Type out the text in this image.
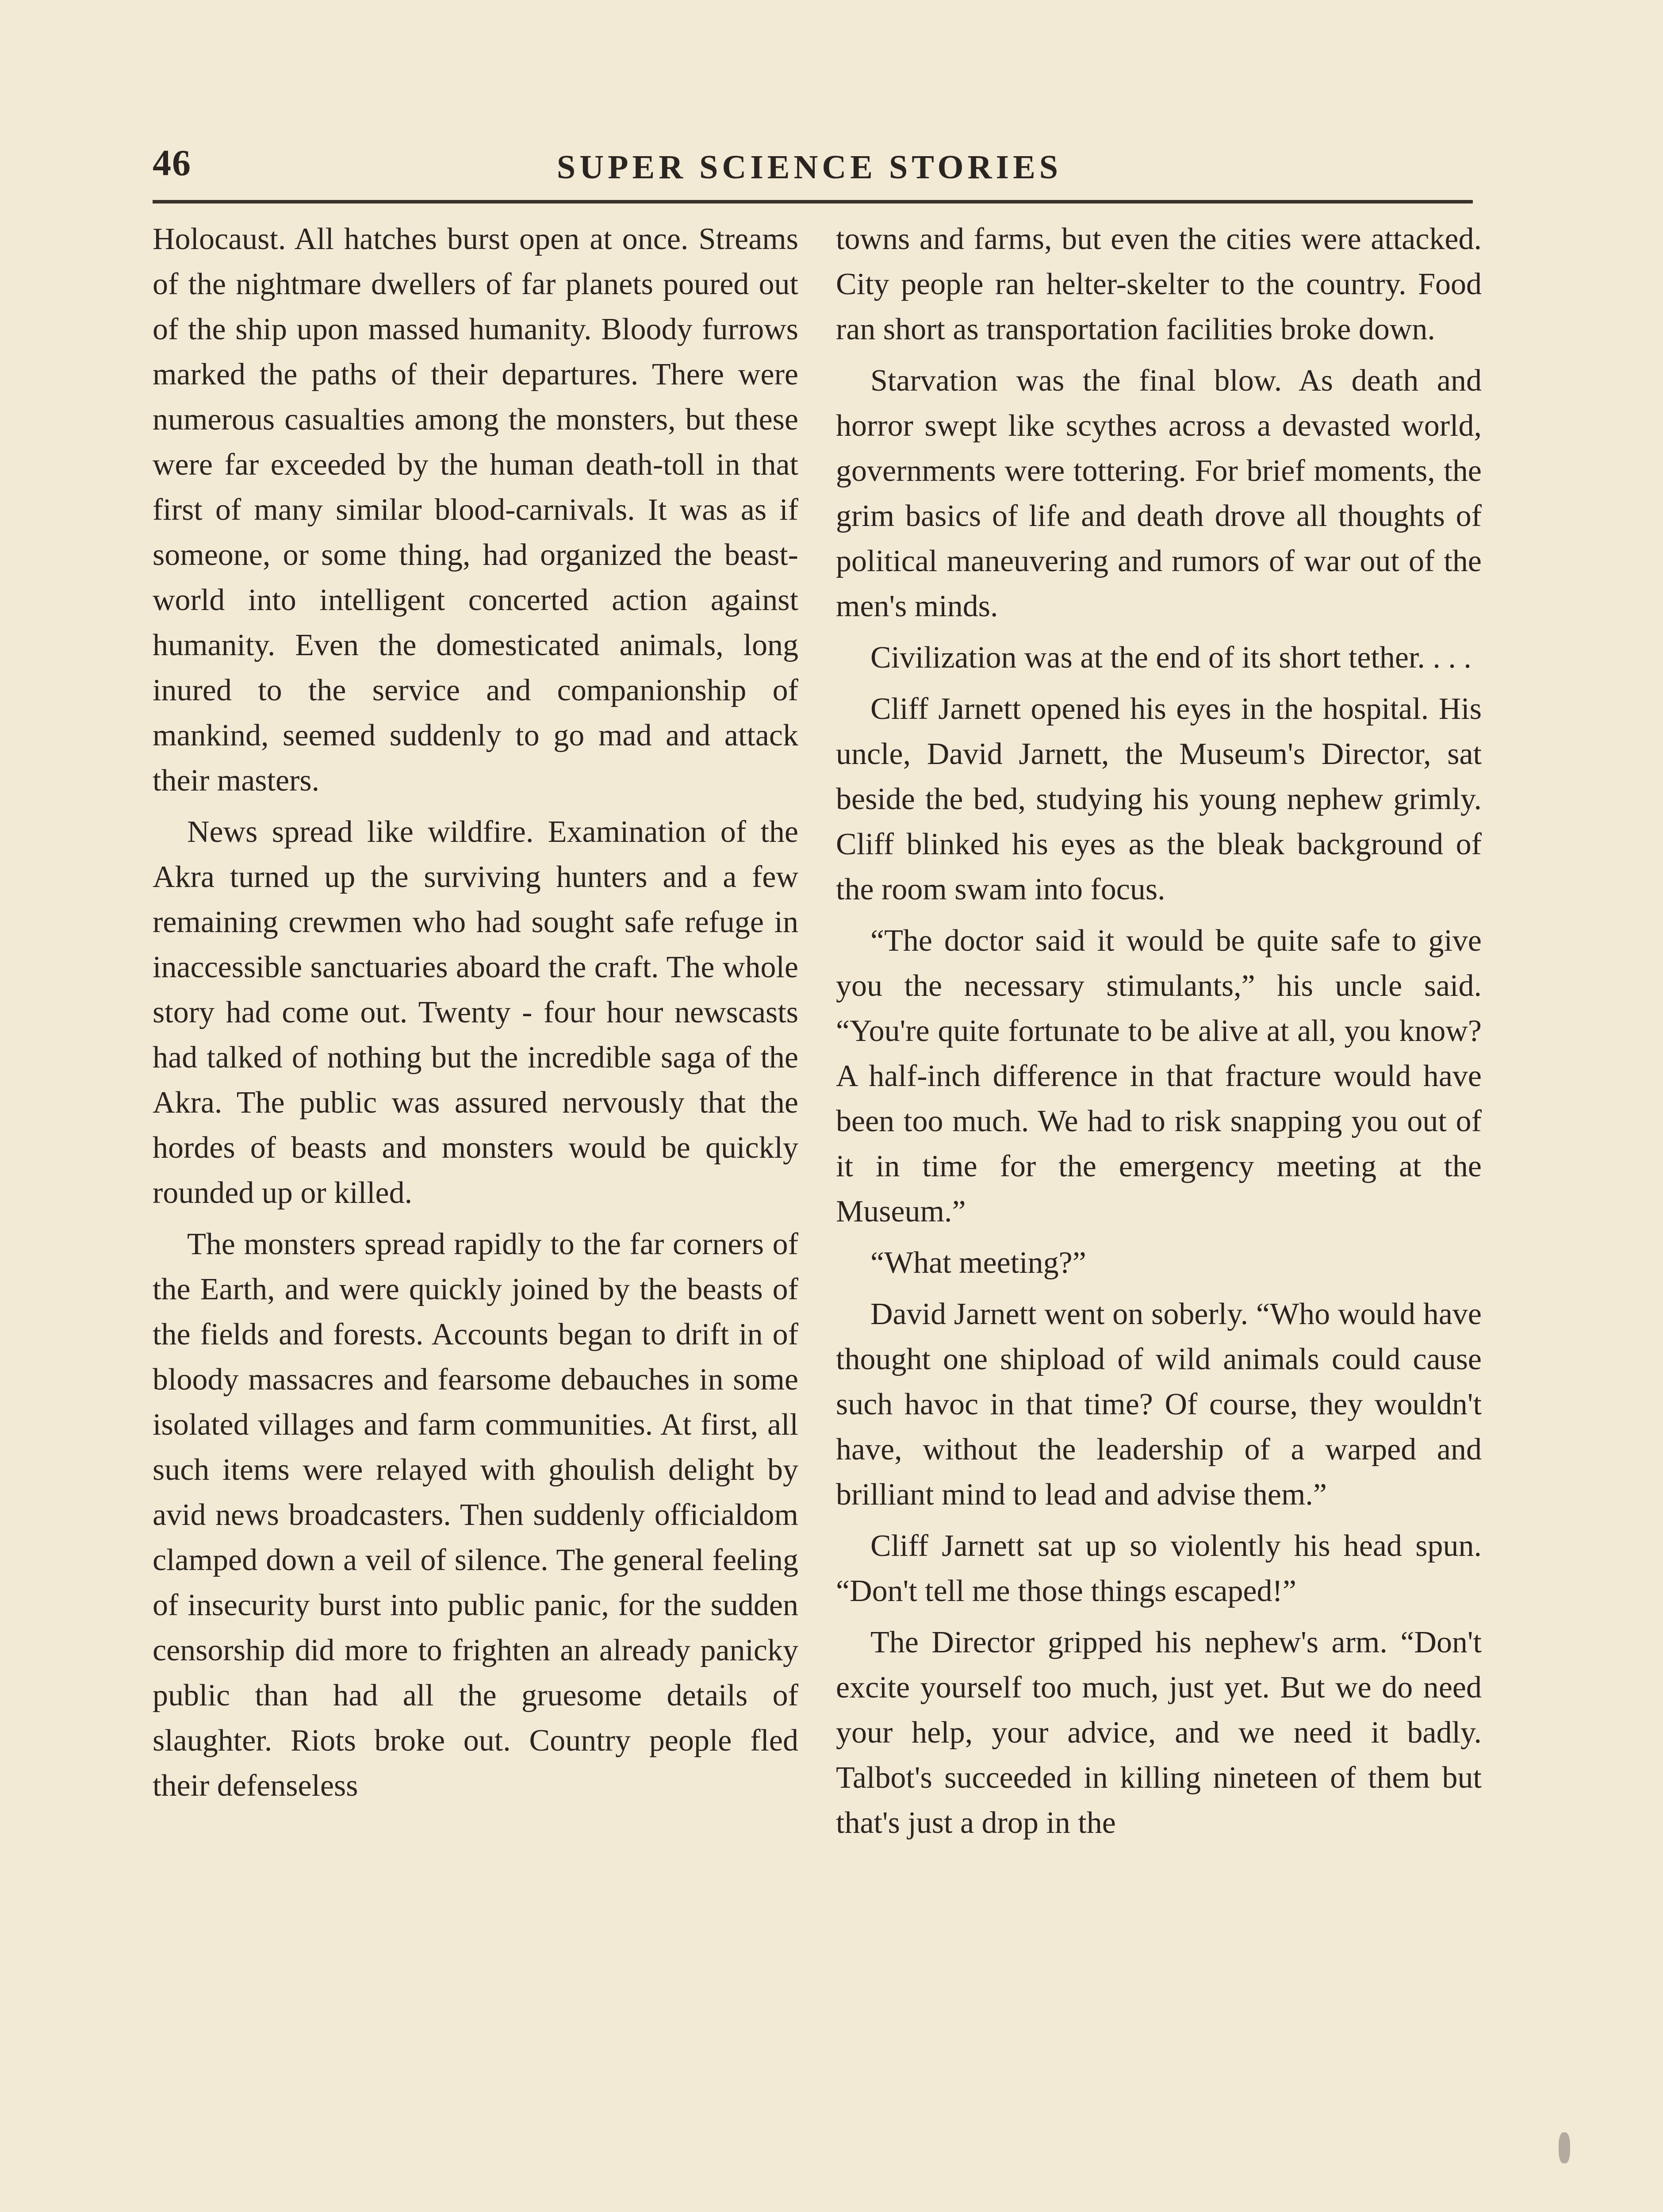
46	SUPER SCIENCE STORIES

Holocaust. All hatches burst open at once. Streams of the nightmare dwellers of far planets poured out of the ship upon massed humanity. Bloody furrows marked the paths of their departures. There were numerous casualties among the monsters, but these were far exceeded by the human death-toll in that first of many similar blood-carnivals. It was as if someone, or some thing, had organized the beast-world into intelligent concerted action against humanity. Even the domesticated animals, long inured to the service and companionship of mankind, seemed suddenly to go mad and attack their masters.

News spread like wildfire. Examination of the Akra turned up the surviving hunters and a few remaining crewmen who had sought safe refuge in inaccessible sanctuaries aboard the craft. The whole story had come out. Twenty - four hour newscasts had talked of nothing but the incredible saga of the Akra. The public was assured nervously that the hordes of beasts and monsters would be quickly rounded up or killed.

The monsters spread rapidly to the far corners of the Earth, and were quickly joined by the beasts of the fields and forests. Accounts began to drift in of bloody massacres and fearsome debauches in some isolated villages and farm communities. At first, all such items were relayed with ghoulish delight by avid news broadcasters. Then suddenly officialdom clamped down a veil of silence. The general feeling of insecurity burst into public panic, for the sudden censorship did more to frighten an already panicky public than had all the gruesome details of slaughter. Riots broke out. Country people fled their defenseless

towns and farms, but even the cities were attacked. City people ran helter-skelter to the country. Food ran short as transportation facilities broke down.

Starvation was the final blow. As death and horror swept like scythes across a devasted world, governments were tottering. For brief moments, the grim basics of life and death drove all thoughts of political maneuvering and rumors of war out of the men's minds.

Civilization was at the end of its short tether. . . .

Cliff Jarnett opened his eyes in the hospital. His uncle, David Jarnett, the Museum's Director, sat beside the bed, studying his young nephew grimly. Cliff blinked his eyes as the bleak background of the room swam into focus.

“The doctor said it would be quite safe to give you the necessary stimulants,” his uncle said. “You're quite fortunate to be alive at all, you know? A half-inch difference in that fracture would have been too much. We had to risk snapping you out of it in time for the emergency meeting at the Museum.”

“What meeting?”

David Jarnett went on soberly. “Who would have thought one shipload of wild animals could cause such havoc in that time? Of course, they wouldn't have, without the leadership of a warped and brilliant mind to lead and advise them.”

Cliff Jarnett sat up so violently his head spun. “Don't tell me those things escaped!”

The Director gripped his nephew's arm. “Don't excite yourself too much, just yet. But we do need your help, your advice, and we need it badly. Talbot's succeeded in killing nineteen of them but that's just a drop in the
